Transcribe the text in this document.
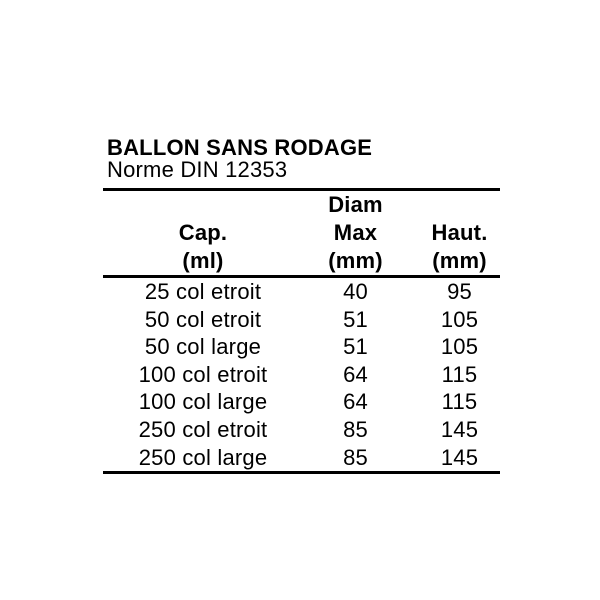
BALLON SANS RODAGE
Norme DIN 12353
	Diam	
Cap.	Max	Haut.
(ml)	(mm)	(mm)
25 col etroit	40	95
50 col etroit	51	105
50 col large	51	105
100 col etroit	64	115
100 col large	64	115
250 col etroit	85	145
250 col large	85	145
